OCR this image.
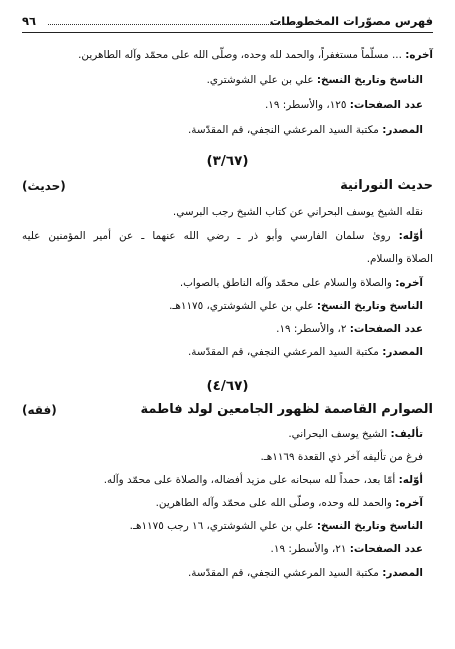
فهرس مصوّرات المخطوطات
٩٦
آخره: ... مسلّماً مستغفراً، والحمد لله وحده، وصلّى الله على محمّد وآله الطاهرين.
الناسخ وتاريخ النسخ: علي بن علي الشوشتري.
عدد الصفحات: ١٢٥، والأسطر: ١٩.
المصدر: مكتبة السيد المرعشي النجفي، قم المقدّسة.
(٣/٦٧)
حديث النورانية
(حديث)
نقله الشيخ يوسف البحراني عن كتاب الشيخ رجب البرسي.
أوّله: روىٰ سلمان الفارسي وأبو ذر ـ رضي الله عنهما ـ عن أمير المؤمنين عليه
الصلاة والسلام.
آخره: والصلاة والسلام على محمّد وآله الناطق بالصواب.
الناسخ وتاريخ النسخ: علي بن علي الشوشتري، ١١٧٥هـ.
عدد الصفحات: ٢، والأسطر: ١٩.
المصدر: مكتبة السيد المرعشي النجفي، قم المقدّسة.
(٤/٦٧)
الصوارم القاصمة لظهور الجامعين لولد فاطمة
(فقه)
تأليف: الشيخ يوسف البحراني.
فرغ من تأليفه آخر ذي القعدة ١١٦٩هـ.
أوّله: أمّا بعد، حمداً لله سبحانه على مزيد أفضاله، والصلاة على محمّد وآله.
آخره: والحمد لله وحده، وصلّى الله على محمّد وآله الطاهرين.
الناسخ وتاريخ النسخ: علي بن علي الشوشتري، ١٦ رجب ١١٧٥هـ.
عدد الصفحات: ٢١، والأسطر: ١٩.
المصدر: مكتبة السيد المرعشي النجفي، قم المقدّسة.
